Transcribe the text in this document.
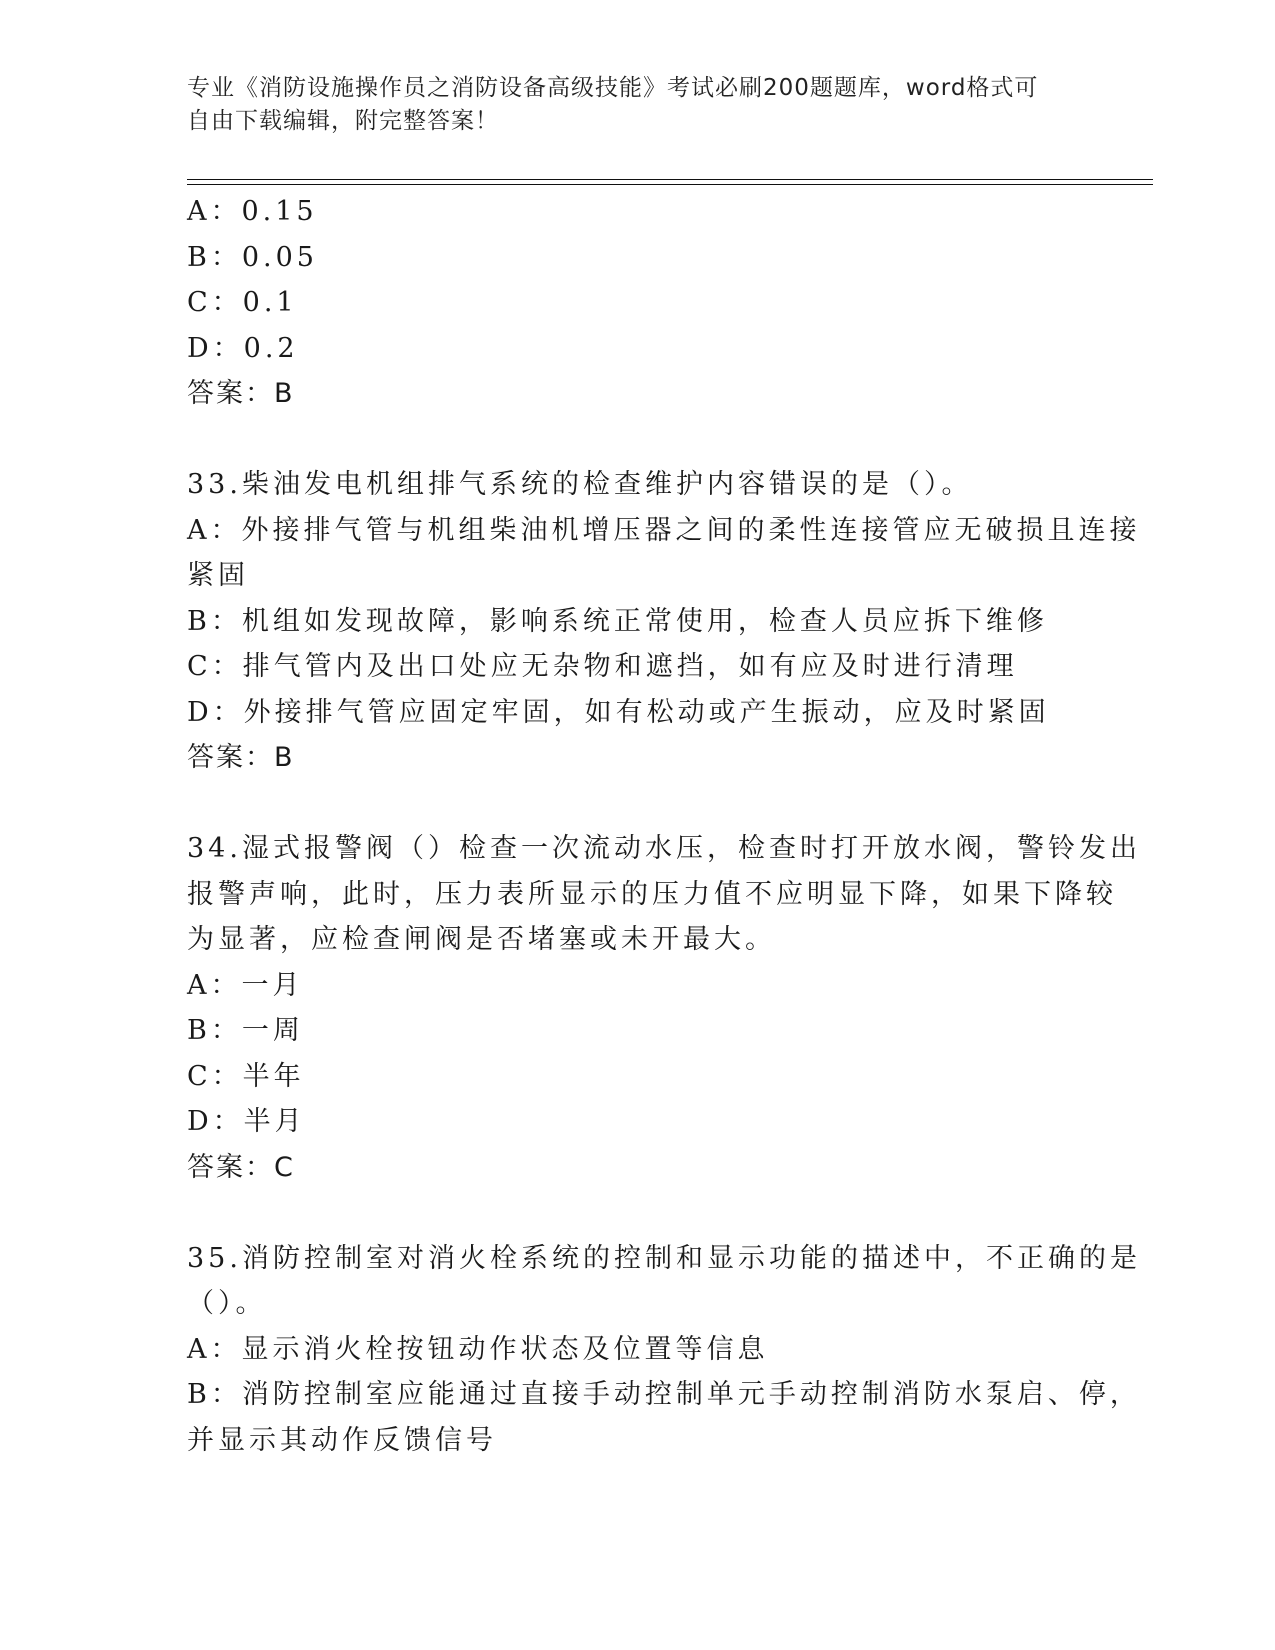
专业《消防设施操作员之消防设备高级技能》考试必刷200题题库，word格式可
自由下载编辑，附完整答案！
A：0.15
B：0.05
C：0.1
D：0.2
答案：B
33.柴油发电机组排气系统的检查维护内容错误的是（）。
A：外接排气管与机组柴油机增压器之间的柔性连接管应无破损且连接
紧固
B：机组如发现故障，影响系统正常使用，检查人员应拆下维修
C：排气管内及出口处应无杂物和遮挡，如有应及时进行清理
D：外接排气管应固定牢固，如有松动或产生振动，应及时紧固
答案：B
34.湿式报警阀（）检查一次流动水压，检查时打开放水阀，警铃发出
报警声响，此时，压力表所显示的压力值不应明显下降，如果下降较
为显著，应检查闸阀是否堵塞或未开最大。
A：一月
B：一周
C：半年
D：半月
答案：C
35.消防控制室对消火栓系统的控制和显示功能的描述中，不正确的是
（）。
A：显示消火栓按钮动作状态及位置等信息
B：消防控制室应能通过直接手动控制单元手动控制消防水泵启、停，
并显示其动作反馈信号
